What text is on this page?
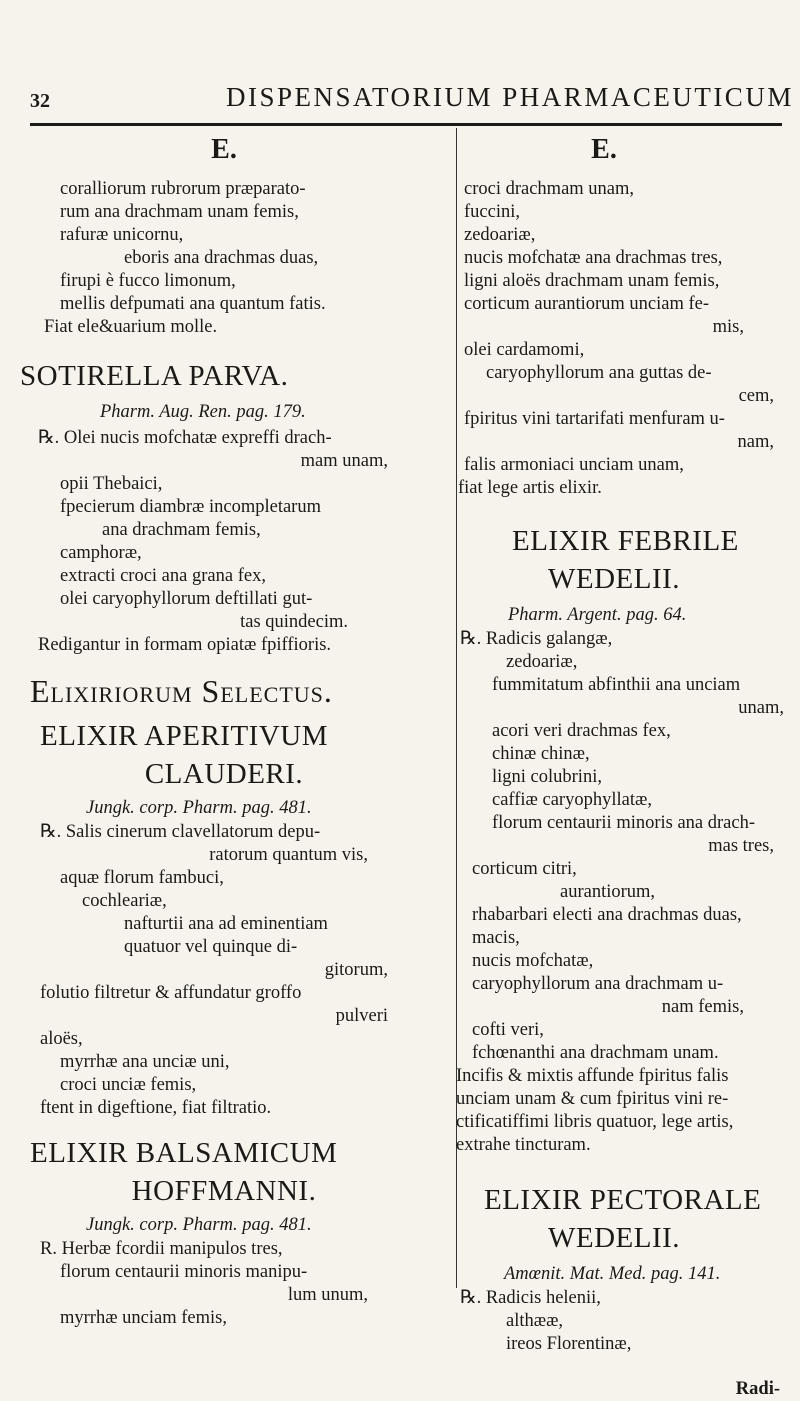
32	DISPENSATORIUM PHARMACEUTICUM
E.
coralliorum rubrorum præparato-
rum ana drachmam unam femis,
rafuræ unicornu,
eboris ana drachmas duas,
firupi è fucco limonum,
mellis defpumati ana quantum fatis.
Fiat ele&uarium molle.
SOTIRELLA PARVA.
Pharm. Aug. Ren. pag. 179.
℞. Olei nucis mofchatæ expreffi drach-
mam unam,
opii Thebaici,
fpecierum diambræ incompletarum
ana drachmam femis,
camphoræ,
extracti croci ana grana fex,
olei caryophyllorum deftillati gut-
tas quindecim.
Redigantur in formam opiatæ fpiffioris.
Elixiriorum Selectus.
ELIXIR APERITIVUM
CLAUDERI.
Jungk. corp. Pharm. pag. 481.
℞. Salis cinerum clavellatorum depu-
ratorum quantum vis,
aquæ florum fambuci,
cochleariæ,
nafturtii ana ad eminentiam
quatuor vel quinque di-
gitorum,
folutio filtretur & affundatur groffo
pulveri
aloës,
myrrhæ ana unciæ uni,
croci unciæ femis,
ftent in digeftione, fiat filtratio.
ELIXIR BALSAMICUM
HOFFMANNI.
Jungk. corp. Pharm. pag. 481.
R. Herbæ fcordii manipulos tres,
florum centaurii minoris manipu-
lum unum,
myrrhæ unciam femis,
E.
croci drachmam unam,
fuccini,
zedoariæ,
nucis mofchatæ ana drachmas tres,
ligni aloës drachmam unam femis,
corticum aurantiorum unciam fe-
mis,
olei cardamomi,
caryophyllorum ana guttas de-
cem,
fpiritus vini tartarifati menfuram u-
nam,
falis armoniaci unciam unam,
fiat lege artis elixir.
ELIXIR FEBRILE
WEDELII.
Pharm. Argent. pag. 64.
℞. Radicis galangæ,
zedoariæ,
fummitatum abfinthii ana unciam
unam,
acori veri drachmas fex,
chinæ chinæ,
ligni colubrini,
caffiæ caryophyllatæ,
florum centaurii minoris ana drach-
mas tres,
corticum citri,
aurantiorum,
rhabarbari electi ana drachmas duas,
macis,
nucis mofchatæ,
caryophyllorum ana drachmam u-
nam femis,
cofti veri,
fchœnanthi ana drachmam unam.
Incifis & mixtis affunde fpiritus falis
unciam unam & cum fpiritus vini re-
ctificatiffimi libris quatuor, lege artis,
extrahe tincturam.
ELIXIR PECTORALE
WEDELII.
Amœnit. Mat. Med. pag. 141.
℞. Radicis helenii,
althææ,
ireos Florentinæ,
Radi-
